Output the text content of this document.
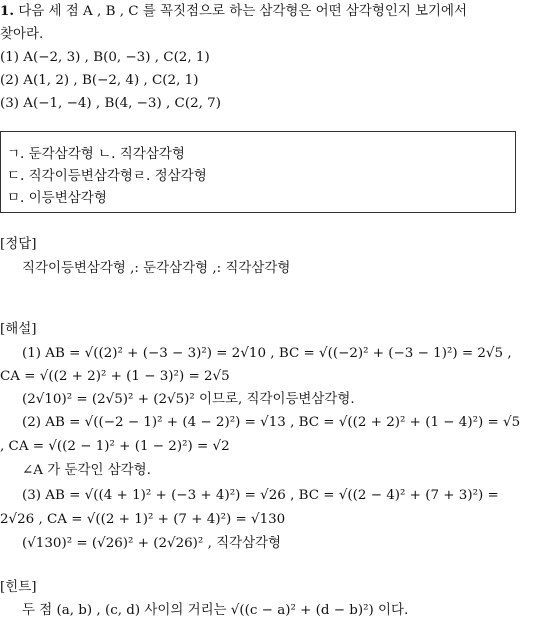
1. 다음 세 점 A , B , C 를 꼭짓점으로 하는 삼각형은 어떤 삼각형인지 보기에서
찾아라.
(1) A(−2, 3) , B(0, −3) , C(2, 1)
(2) A(1, 2) , B(−2, 4) , C(2, 1)
(3) A(−1, −4) , B(4, −3) , C(2, 7)
ㄱ. 둔각삼각형 ㄴ. 직각삼각형
ㄷ. 직각이등변삼각형ㄹ. 정삼각형
ㅁ. 이등변삼각형
[정답]
직각이등변삼각형 ,: 둔각삼각형 ,: 직각삼각형
[해설]
(1) AB = √((2)² + (−3 − 3)²) = 2√10 , BC = √((−2)² + (−3 − 1)²) = 2√5 ,
CA = √((2 + 2)² + (1 − 3)²) = 2√5
(2√10)² = (2√5)² + (2√5)² 이므로, 직각이등변삼각형.
(2) AB = √((−2 − 1)² + (4 − 2)²) = √13 , BC = √((2 + 2)² + (1 − 4)²) = √5
, CA = √((2 − 1)² + (1 − 2)²) = √2
∠A 가 둔각인 삼각형.
(3) AB = √((4 + 1)² + (−3 + 4)²) = √26 , BC = √((2 − 4)² + (7 + 3)²) =
2√26 , CA = √((2 + 1)² + (7 + 4)²) = √130
(√130)² = (√26)² + (2√26)² , 직각삼각형
[힌트]
두 점 (a, b) , (c, d) 사이의 거리는 √((c − a)² + (d − b)²) 이다.
